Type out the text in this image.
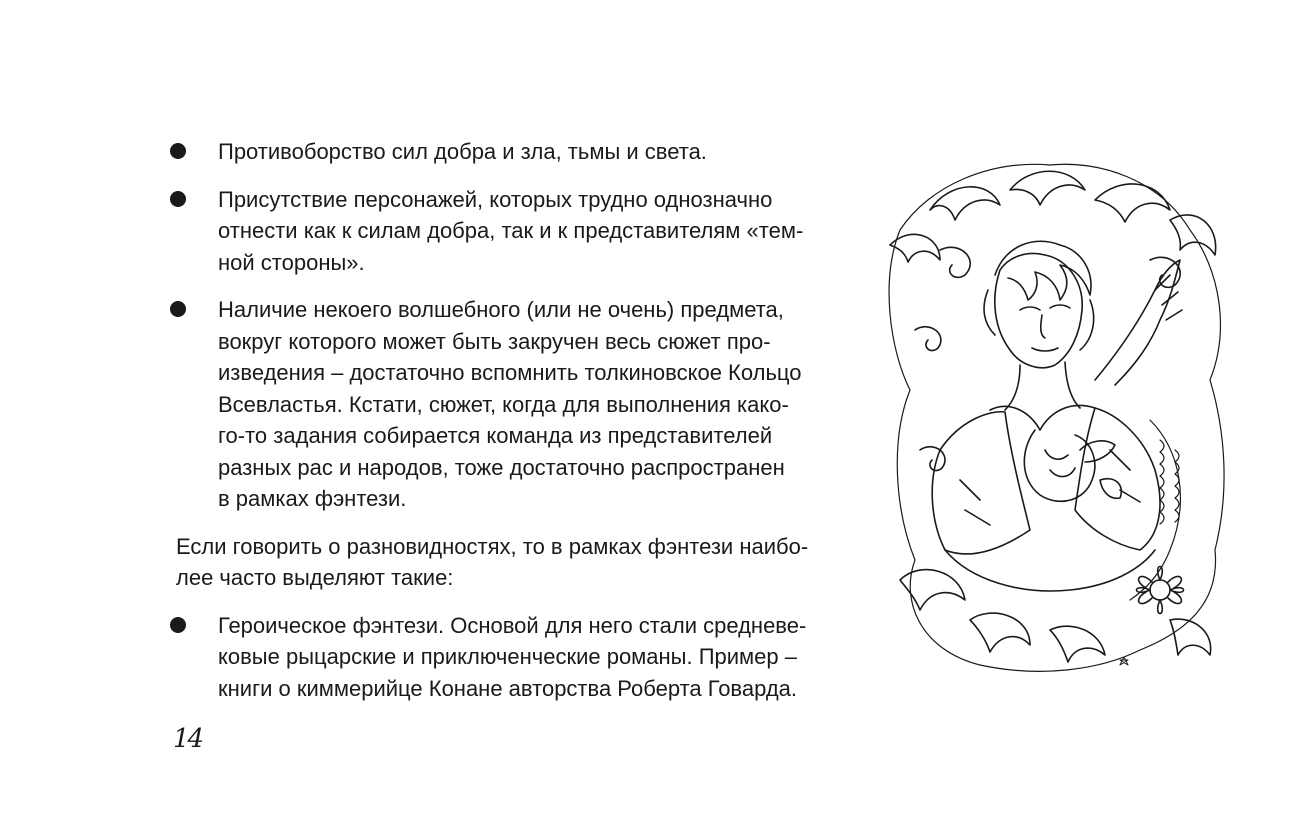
Противоборство сил добра и зла, тьмы и света.
Присутствие персонажей, которых трудно однозначно
отнести как к силам добра, так и к представителям «тем-
ной стороны».
Наличие некоего волшебного (или не очень) предмета,
вокруг которого может быть закручен весь сюжет про-
изведения – достаточно вспомнить толкиновское Кольцо
Всевластья. Кстати, сюжет, когда для выполнения како-
го-то задания собирается команда из представителей
разных рас и народов, тоже достаточно распространен
в рамках фэнтези.
Если говорить о разновидностях, то в рамках фэнтези наибо-
лее часто выделяют такие:
Героическое фэнтези. Основой для него стали средневе-
ковые рыцарские и приключенческие романы. Пример –
книги о киммерийце Конане авторства Роберта Говарда.
14
